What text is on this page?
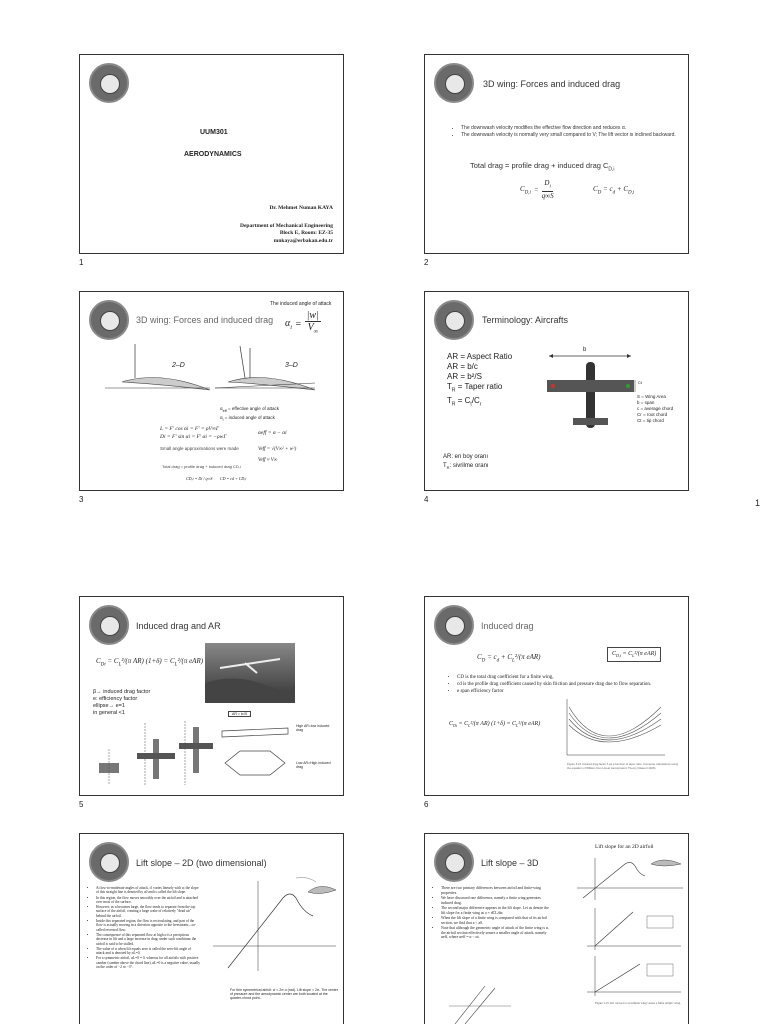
1
UUM301
AERODYNAMICS
Dr. Mehmet Numan KAYA
Department of Mechanical Engineering
Block E, Room: EZ-35
mnkaya@erbakan.edu.tr
1
3D wing: Forces and induced drag
• The downwash velocity modifies the effective flow direction and reduces α.
• The downwash velocity is normally very small compared to V; The lift vector is inclined backward.
Total drag = profile drag + induced drag $C_{D,i}$
$C_{D,i} = \frac{D_i}{q\infty S}$	$C_D = c_d + C_{D,i}$
2
3D wing: Forces and induced drag
The induced angle of attack
$\alpha_i = \frac{|w|}{V_\infty}$
2–D	3–D
$\alpha_{eff}$ = effective angle of attack
$\alpha_i$ = induced angle of attack
L = F' cos αi = F' = ρV∞Γ
Di = F' sin αi = F' αi = −ρwΓ
αeff = α − αi
Small angle approximations were made	Veff = √(V∞² + w²)
Veff ≈ V∞
Total drag = profile drag + induced drag CD,i
CD,i = Di / q∞S CD = cd + CD,i
3
Terminology: Aircrafts
AR = Aspect Ratio
AR = b/c
AR = b²/S
$T_R$ = Taper ratio
$T_R = C_t/C_r$
b
Ct
S = Wing Area
b = span
c = average chord
Cr = root chord
Ct = tip chord
AR: en boy oranı
$T_R$: sivrilme oranı
4
Induced drag and AR
$C_{Di} = C_L^2/(\pi$ AR) $(1+\delta) = C_L^2/(\pi$ eAR)
β→ induced drag factor
e: efficiency factor
ellipse→ e=1
in general <1	AR = b²/S
High AR=low induced drag
Low AR=High induced drag
5
Induced drag
$C_D = c_d + C_L^2/(\pi$ eAR)	$C_{D,i} = C_L^2/(\pi$ eAR)
• CD is the total drag coefficient for a finite wing,
• cd is the profile drag coefficient caused by skin friction and pressure drag due to flow separation.
• e span efficiency factor
$C_{Di} = C_L^2/(\pi$ AR) $(1+\delta) = C_L^2/(\pi$ eAR)
Figure 5.21 Induced drag factor δ as a function of taper ratio. Computer calculations using the equation of William from Linear Aerodynamic Theory (Glauert 1926).
6
Lift slope – 2D (two dimensional)
• At low-to-moderate angles of attack, cl varies linearly with α; the slope of this straight line is denoted by a0 and is called the lift slope.
• In this region, the flow moves smoothly over the airfoil and is attached over most of the surface.
• However, as α becomes large, the flow tends to separate from the top surface of the airfoil, creating a large wake of relatively "dead air" behind the airfoil.
• Inside this separated region, the flow is recirculating, and part of the flow is actually moving in a direction opposite to the freestream—so-called reversed flow.
• The consequence of this separated flow at high α is a precipitous decrease in lift and a large increase in drag; under such conditions the airfoil is said to be stalled.
• The value of α when lift equals zero is called the zero-lift angle of attack and is denoted by αL=0.
• For a symmetric airfoil, αL=0 = 0, whereas for all airfoils with positive camber (camber above the chord line), αL=0 is a negative value, usually on the order of −2 or −3°.
For thin symmetrical airfoil: cl = 2π α (rad). Lift slope = 2π. The center of pressure and the aerodynamic center are both located at the quarter-chord point.
Lift slope – 3D
Lift slope for an 2D airfoil
• There are two primary differences between airfoil and finite-wing properties.
• We have discussed one difference, namely a finite wing generates induced drag.
• The second major difference appears in the lift slope. Let us denote the lift slope for a finite wing as a ≡ dCL/dα.
• When the lift slope of a finite wing is compared with that of its airfoil section, we find that a < a0.
• Note that although the geometric angle of attack of the finite wing is α, the airfoil section effectively senses a smaller angle of attack, namely αeff, where αeff = α − αi.
Figure 5.25 Lift curves for an infinite wing versus a finite elliptic wing.
